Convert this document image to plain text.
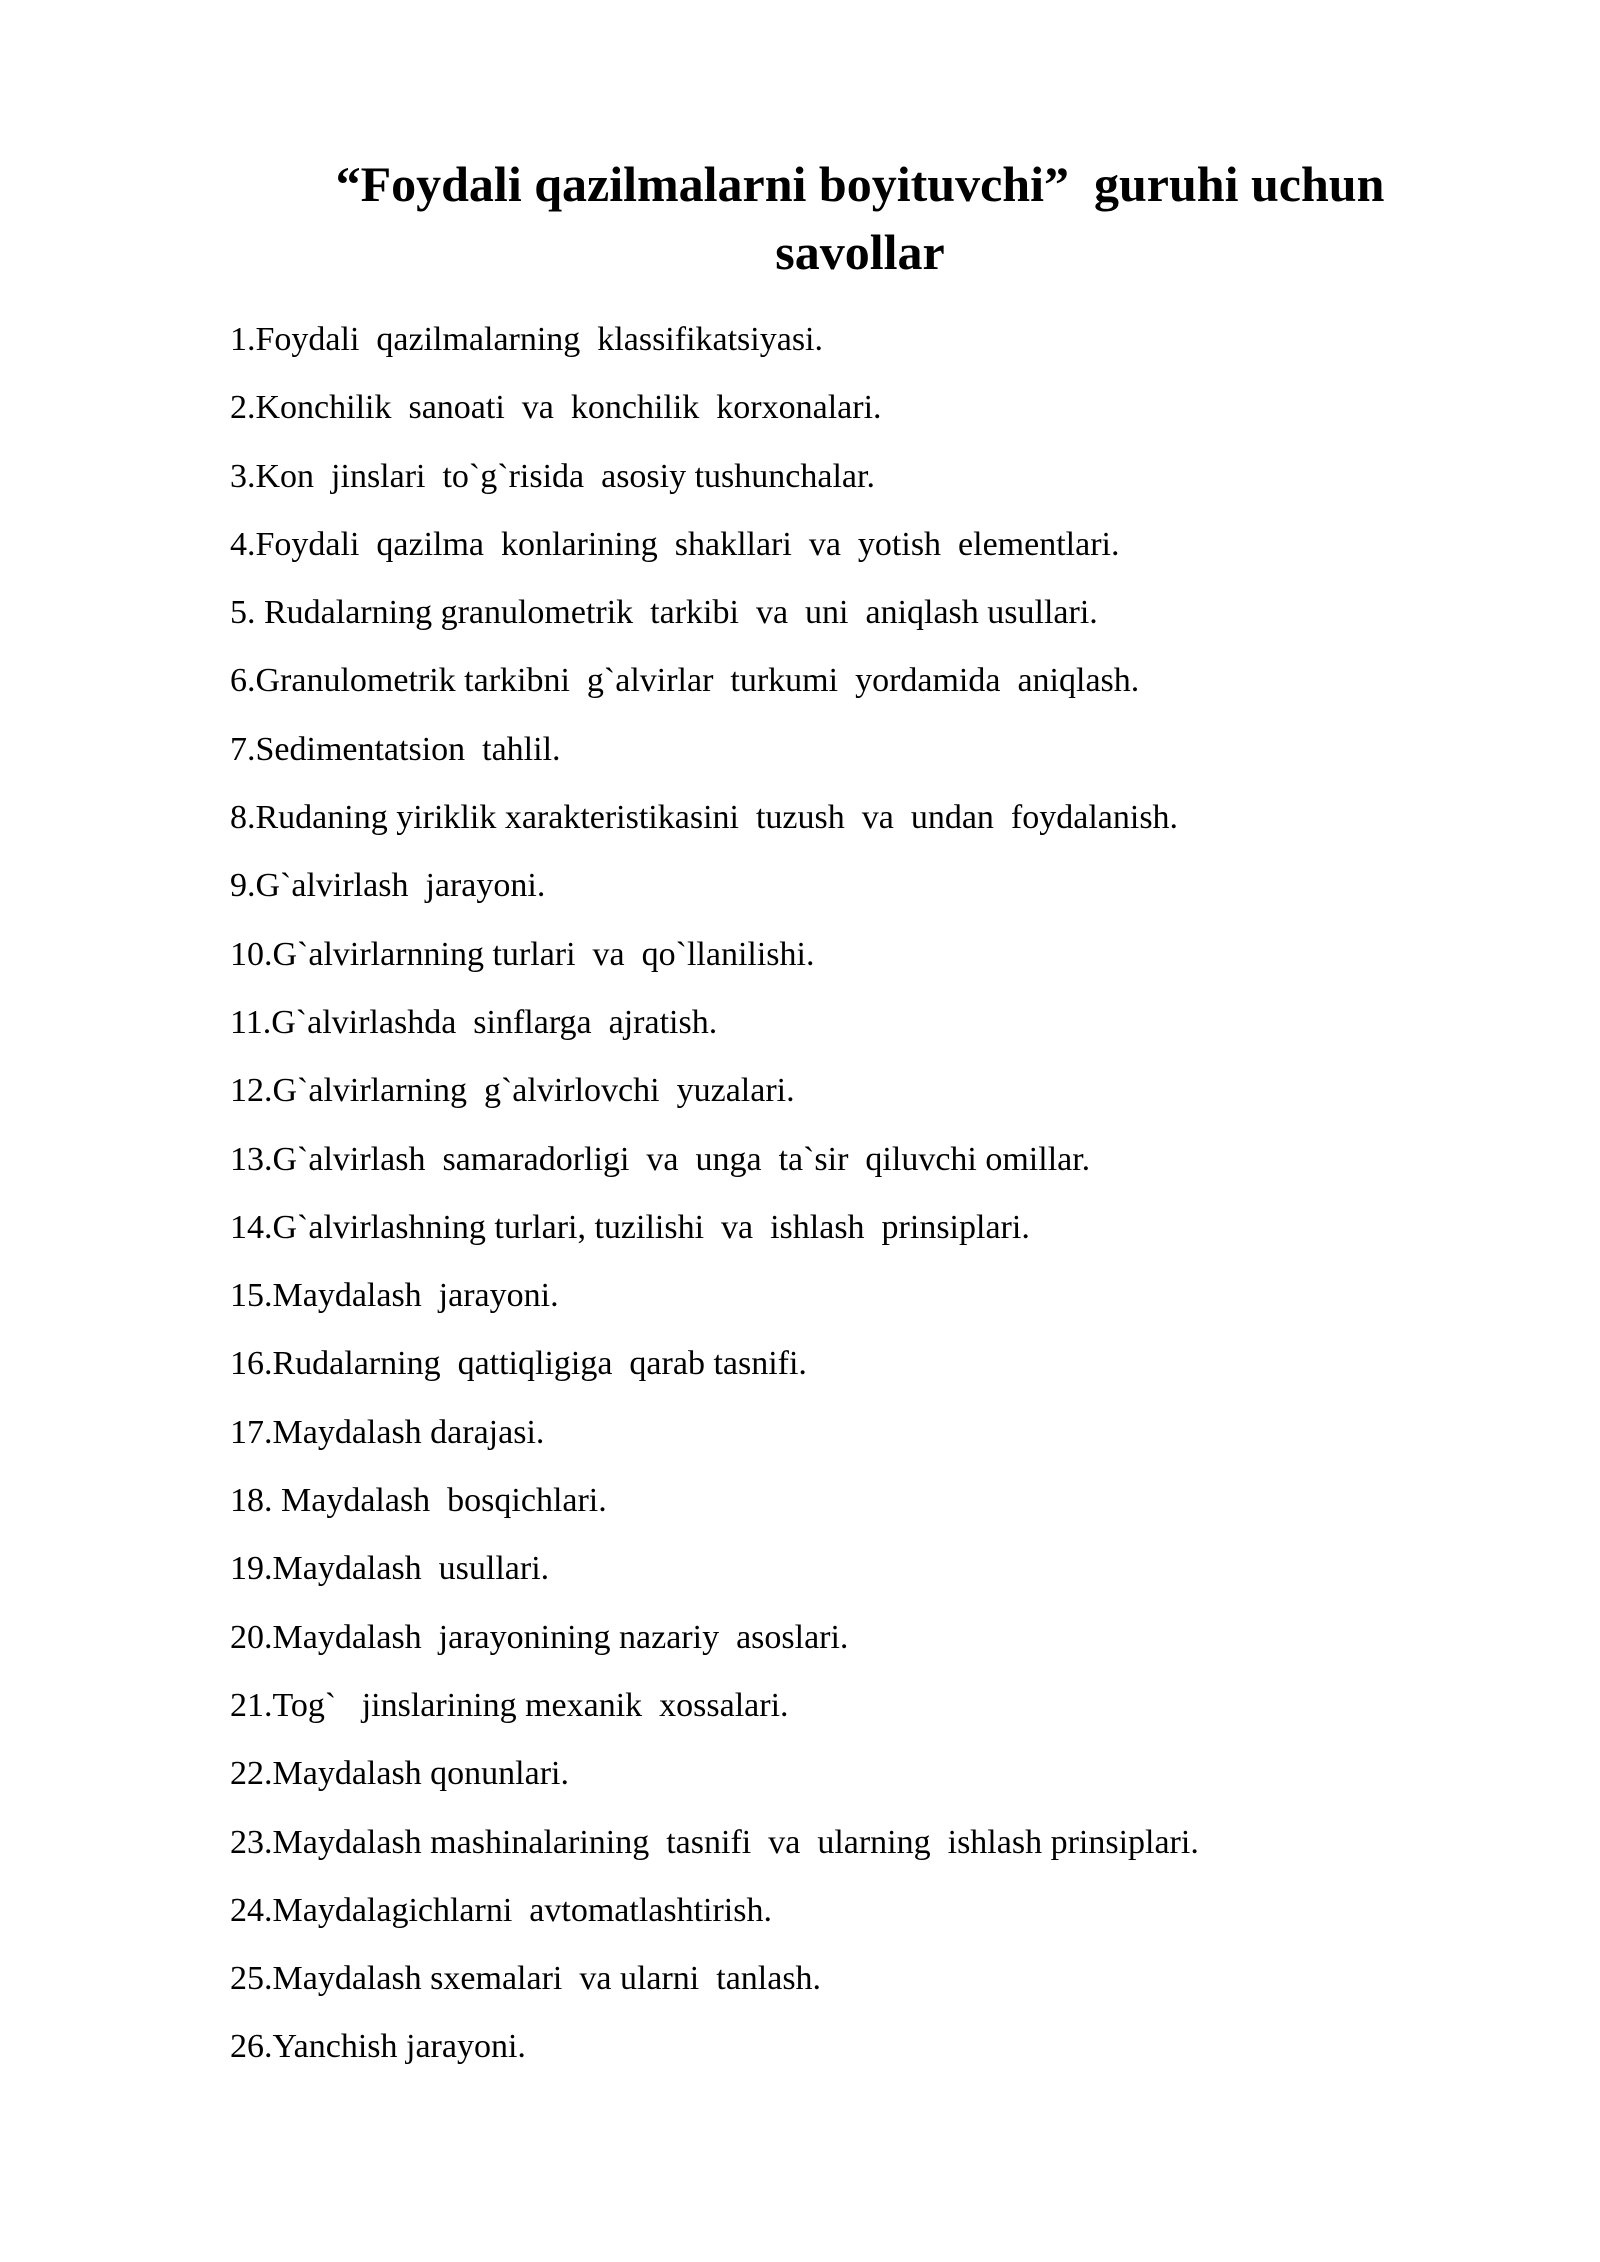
“Foydali qazilmalarni boyituvchi”  guruhi uchun
savollar
1.Foydali  qazilmalarning  klassifikatsiyasi.
2.Konchilik  sanoati  va  konchilik  korxonalari.
3.Kon  jinslari  to`g`risida  asosiy tushunchalar.
4.Foydali  qazilma  konlarining  shakllari  va  yotish  elementlari.
5. Rudalarning granulometrik  tarkibi  va  uni  aniqlash usullari.
6.Granulometrik tarkibni  g`alvirlar  turkumi  yordamida  aniqlash.
7.Sedimentatsion  tahlil.
8.Rudaning yiriklik xarakteristikasini  tuzush  va  undan  foydalanish.
9.G`alvirlash  jarayoni.
10.G`alvirlarnning turlari  va  qo`llanilishi.
11.G`alvirlashda  sinflarga  ajratish.
12.G`alvirlarning  g`alvirlovchi  yuzalari.
13.G`alvirlash  samaradorligi  va  unga  ta`sir  qiluvchi omillar.
14.G`alvirlashning turlari, tuzilishi  va  ishlash  prinsiplari.
15.Maydalash  jarayoni.
16.Rudalarning  qattiqligiga  qarab tasnifi.
17.Maydalash darajasi.
18. Maydalash  bosqichlari.
19.Maydalash  usullari.
20.Maydalash  jarayonining nazariy  asoslari.
21.Tog`   jinslarining mexanik  xossalari.
22.Maydalash qonunlari.
23.Maydalash mashinalarining  tasnifi  va  ularning  ishlash prinsiplari.
24.Maydalagichlarni  avtomatlashtirish.
25.Maydalash sxemalari  va ularni  tanlash.
26.Yanchish jarayoni.
